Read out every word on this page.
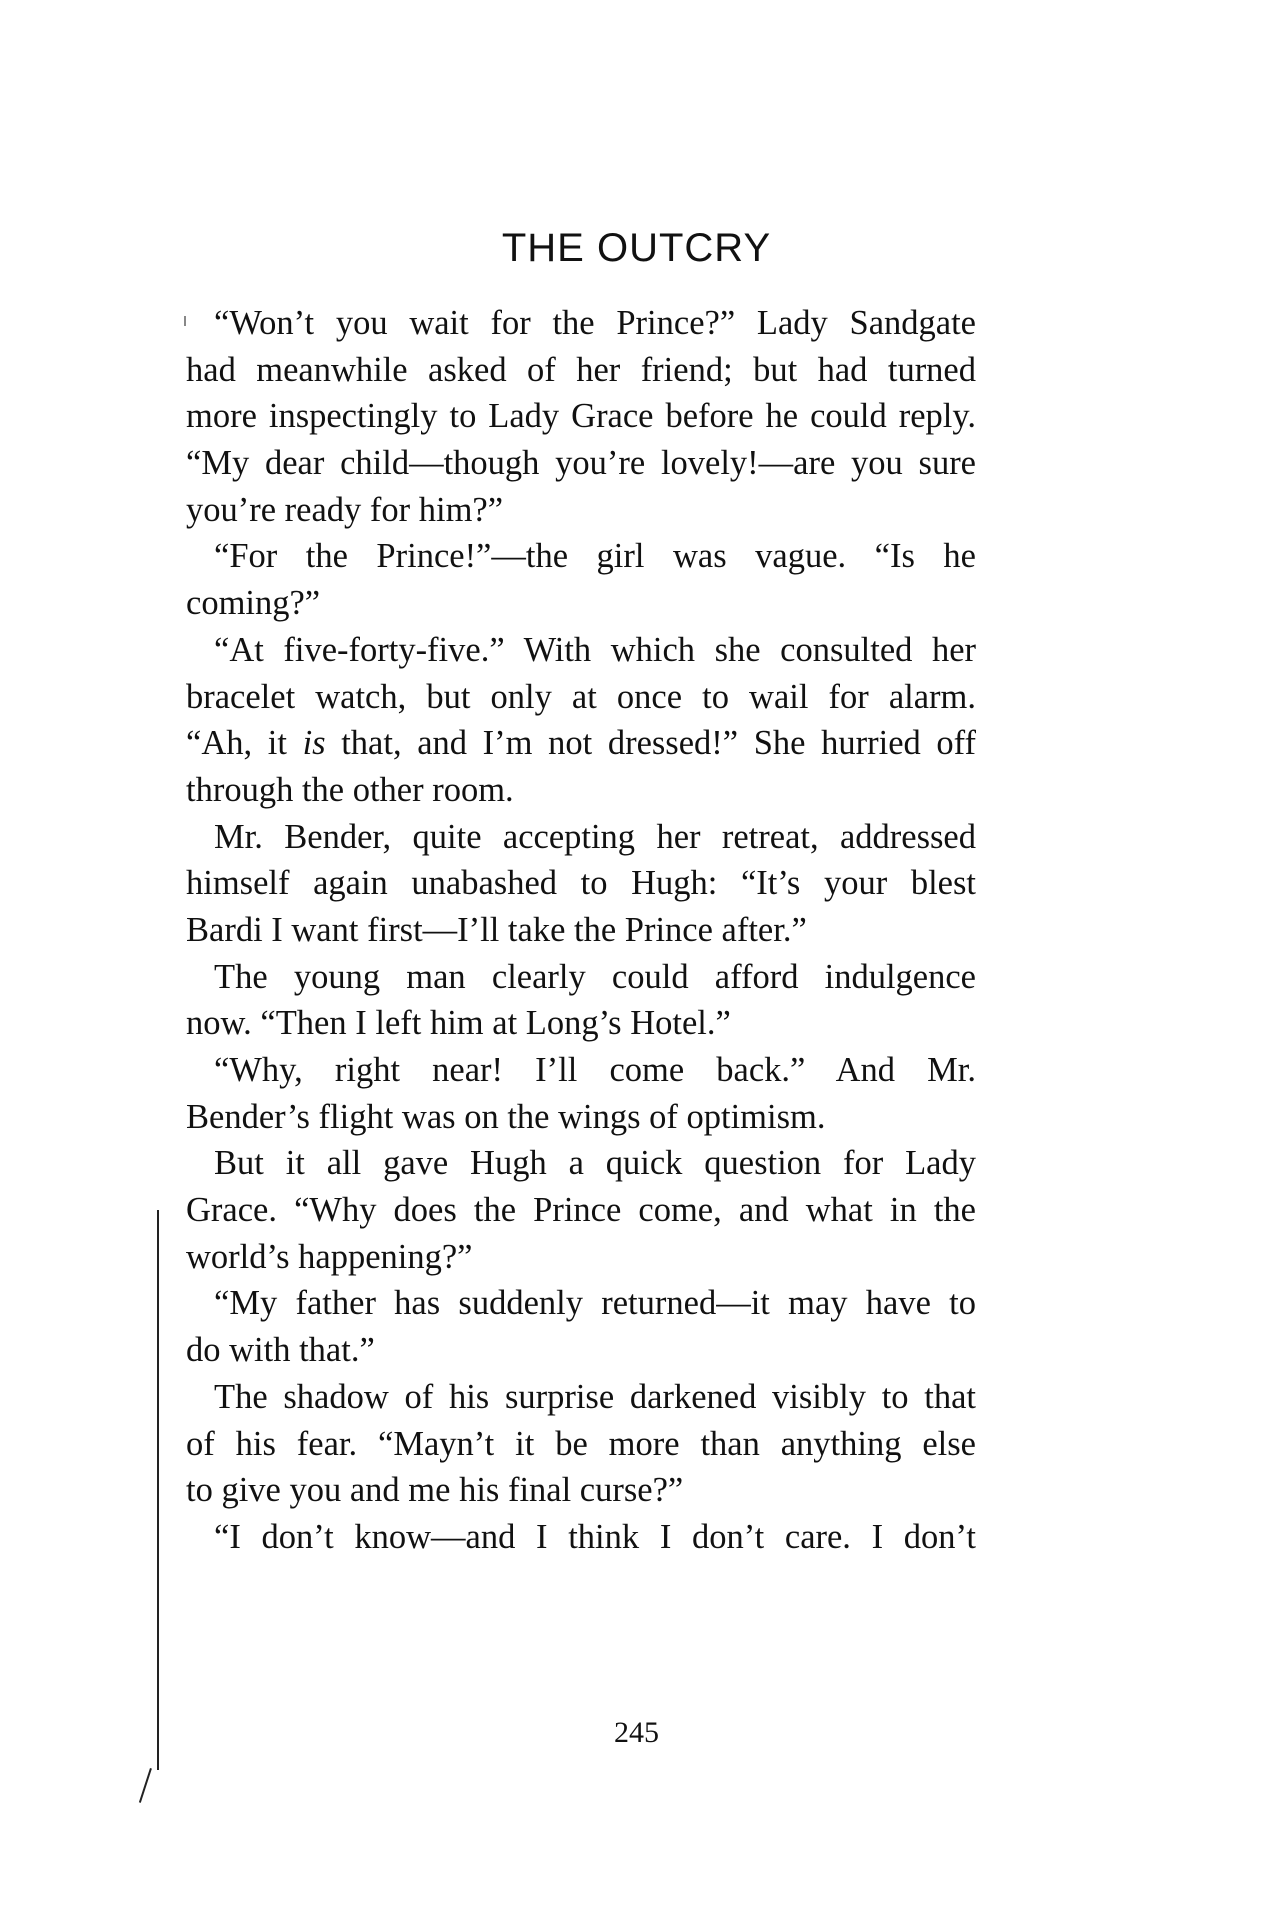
THE OUTCRY
“Won’t you wait for the Prince?” Lady Sandgate
had meanwhile asked of her friend; but had turned
more inspectingly to Lady Grace before he could reply.
“My dear child—though you’re lovely!—are you sure
you’re ready for him?”
“For the Prince!”—the girl was vague. “Is he
coming?”
“At five-forty-five.” With which she consulted her
bracelet watch, but only at once to wail for alarm.
“Ah, it is that, and I’m not dressed!” She hurried off
through the other room.
Mr. Bender, quite accepting her retreat, addressed
himself again unabashed to Hugh: “It’s your blest
Bardi I want first—I’ll take the Prince after.”
The young man clearly could afford indulgence
now. “Then I left him at Long’s Hotel.”
“Why, right near! I’ll come back.” And Mr.
Bender’s flight was on the wings of optimism.
But it all gave Hugh a quick question for Lady
Grace. “Why does the Prince come, and what in the
world’s happening?”
“My father has suddenly returned—it may have to
do with that.”
The shadow of his surprise darkened visibly to that
of his fear. “Mayn’t it be more than anything else
to give you and me his final curse?”
“I don’t know—and I think I don’t care. I don’t
245
